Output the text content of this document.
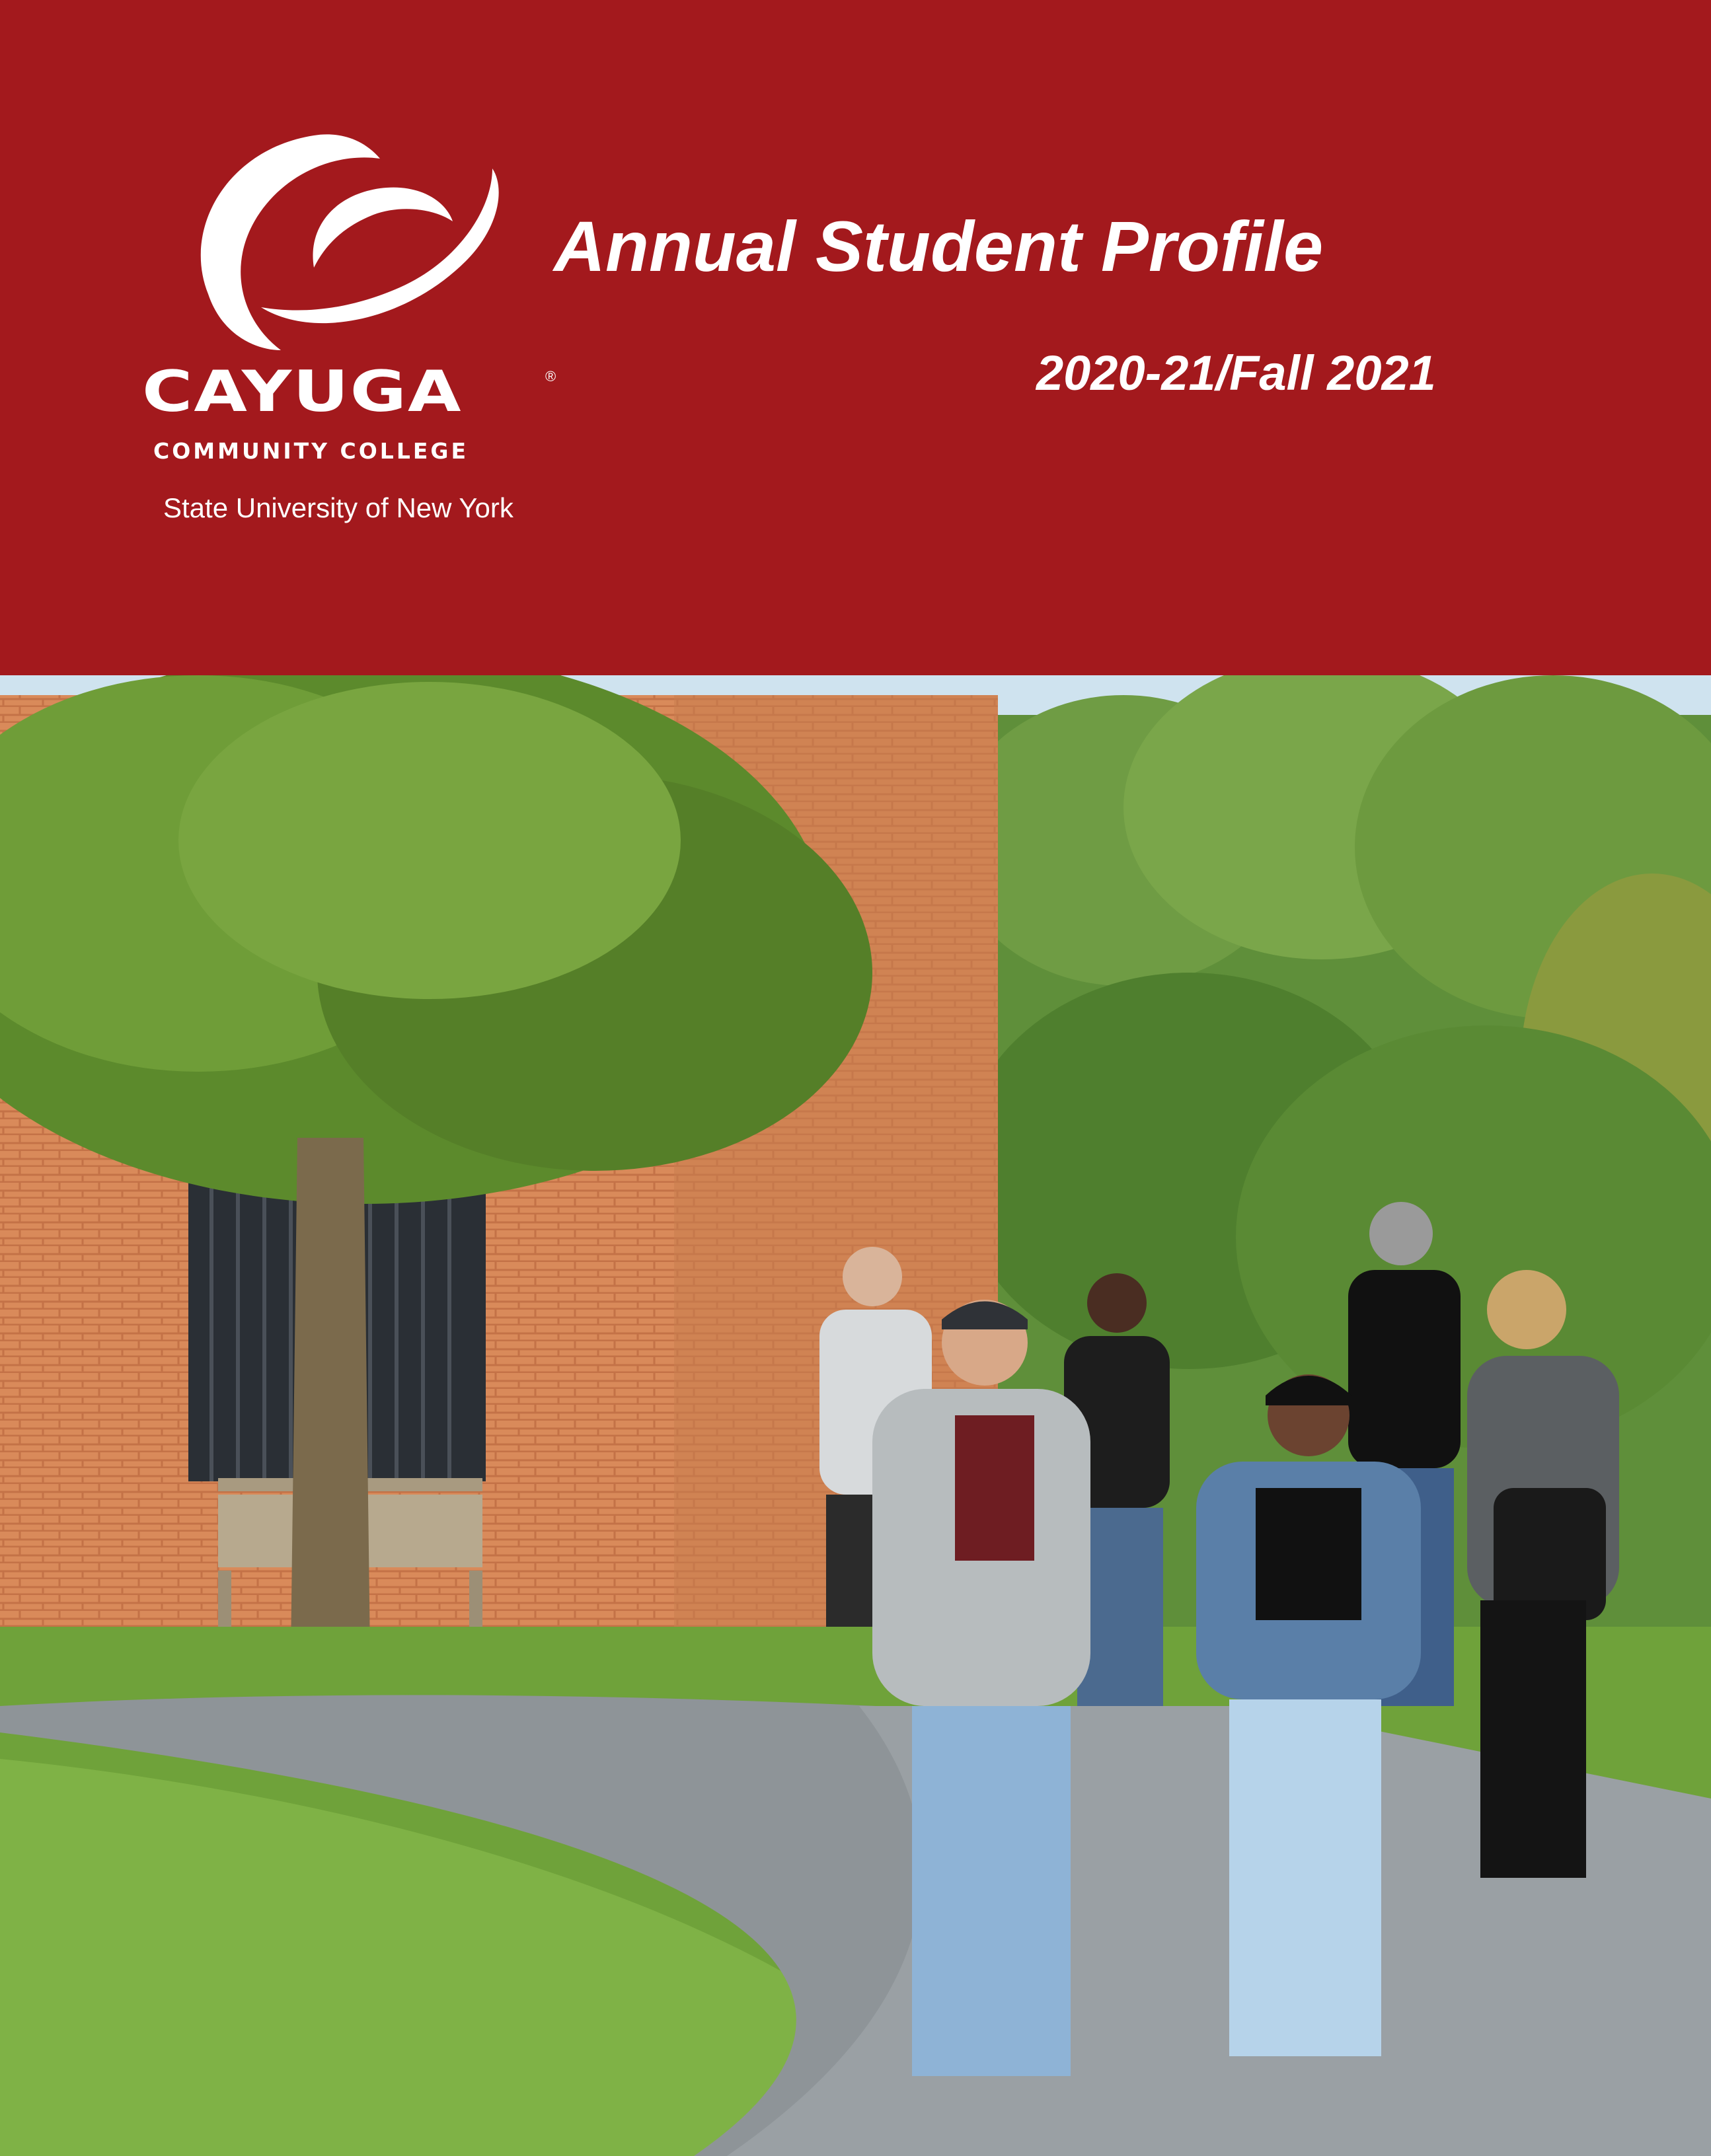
CAYUGA	®
COMMUNITY COLLEGE
State University of New York
Annual Student Profile
2020-21/Fall 2021
